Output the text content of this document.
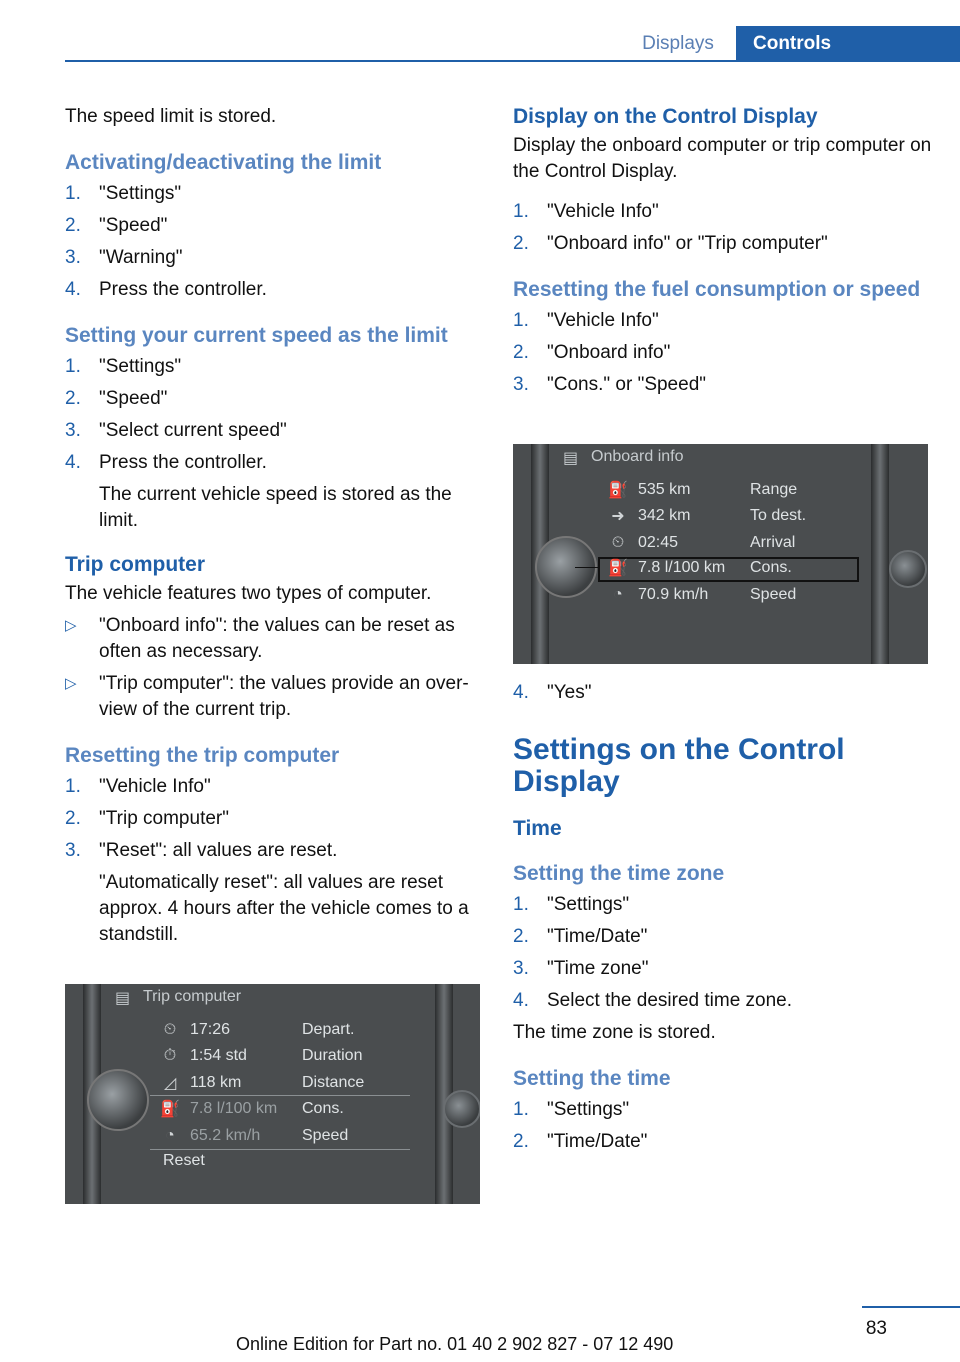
Displays	Controls

The speed limit is stored.

Activating/deactivating the limit
1. "Settings"
2. "Speed"
3. "Warning"
4. Press the controller.
Setting your current speed as the limit
1. "Settings"
2. "Speed"
3. "Select current speed"
4. Press the controller.

The current vehicle speed is stored as the limit.

Trip computer

The vehicle features two types of computer.

▷	"Onboard info": the values can be reset as often as necessary.
▷	"Trip computer": the values provide an over- view of the current trip.
Resetting the trip computer
1. "Vehicle Info"
2. "Trip computer"
3. "Reset": all values are reset.

"Automatically reset": all values are reset approx. 4 hours after the vehicle comes to a standstill.

▤ Trip computer
⏲ 17:26	Depart.
⏱ 1:54 std	Duration
◿ 118 km	Distance
⛽ 7.8 l/100 km	Cons.
◔ 65.2 km/h	Speed
Reset
Display on the Control Display

Display the onboard computer or trip computer on the Control Display.

1. "Vehicle Info"
2. "Onboard info" or "Trip computer"
Resetting the fuel consumption or speed
1. "Vehicle Info"
2. "Onboard info"
3. "Cons." or "Speed"
▤ Onboard info
⛽ 535 km	Range
➜ 342 km	To dest.
⏲ 02:45	Arrival
⛽ 7.8 l/100 km	Cons.
◔ 70.9 km/h	Speed
4. "Yes"
Settings on the Control Display
Time
Setting the time zone
1. "Settings"
2. "Time/Date"
3. "Time zone"
4. Select the desired time zone.

The time zone is stored.

Setting the time
1. "Settings"
2. "Time/Date"
83
Online Edition for Part no. 01 40 2 902 827 - 07 12 490
